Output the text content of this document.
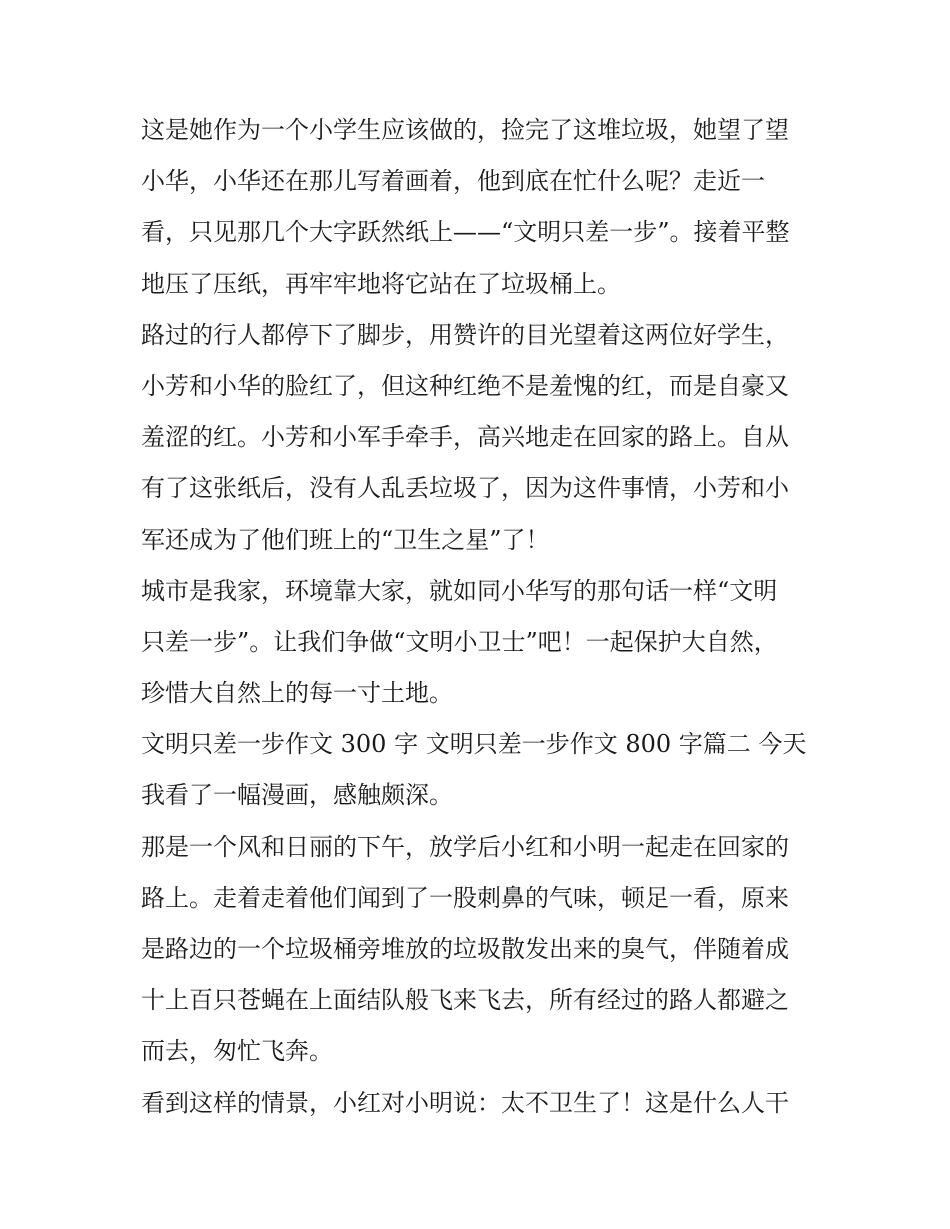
这是她作为一个小学生应该做的，捡完了这堆垃圾，她望了望
小华，小华还在那儿写着画着，他到底在忙什么呢？走近一
看，只见那几个大字跃然纸上——“文明只差一步”。接着平整
地压了压纸，再牢牢地将它站在了垃圾桶上。
路过的行人都停下了脚步，用赞许的目光望着这两位好学生，
小芳和小华的脸红了，但这种红绝不是羞愧的红，而是自豪又
羞涩的红。小芳和小军手牵手，高兴地走在回家的路上。自从
有了这张纸后，没有人乱丢垃圾了，因为这件事情，小芳和小
军还成为了他们班上的“卫生之星”了！
城市是我家，环境靠大家，就如同小华写的那句话一样“文明
只差一步”。让我们争做“文明小卫士”吧！一起保护大自然，
珍惜大自然上的每一寸土地。
文明只差一步作文 300 字 文明只差一步作文 800 字篇二 今天
我看了一幅漫画，感触颇深。
那是一个风和日丽的下午，放学后小红和小明一起走在回家的
路上。走着走着他们闻到了一股刺鼻的气味，顿足一看，原来
是路边的一个垃圾桶旁堆放的垃圾散发出来的臭气，伴随着成
十上百只苍蝇在上面结队般飞来飞去，所有经过的路人都避之
而去，匆忙飞奔。
看到这样的情景，小红对小明说：太不卫生了！这是什么人干
